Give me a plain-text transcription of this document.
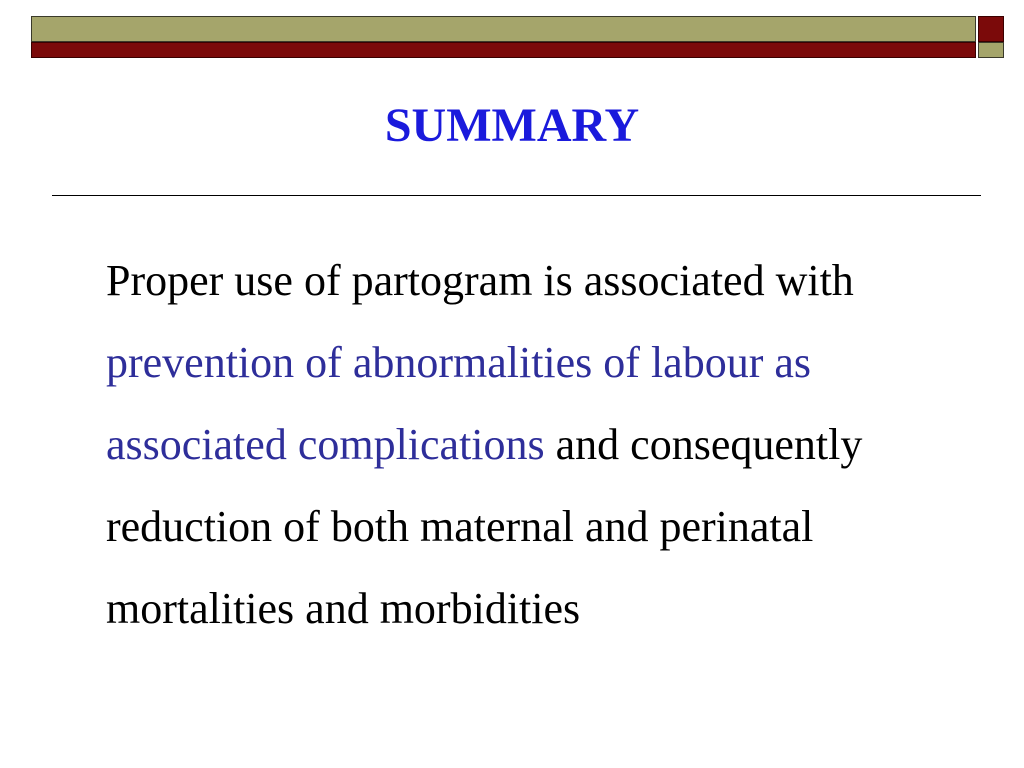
SUMMARY
Proper use of partogram is associated with prevention of abnormalities of labour as associated complications and consequently reduction of both maternal and perinatal mortalities and morbidities
